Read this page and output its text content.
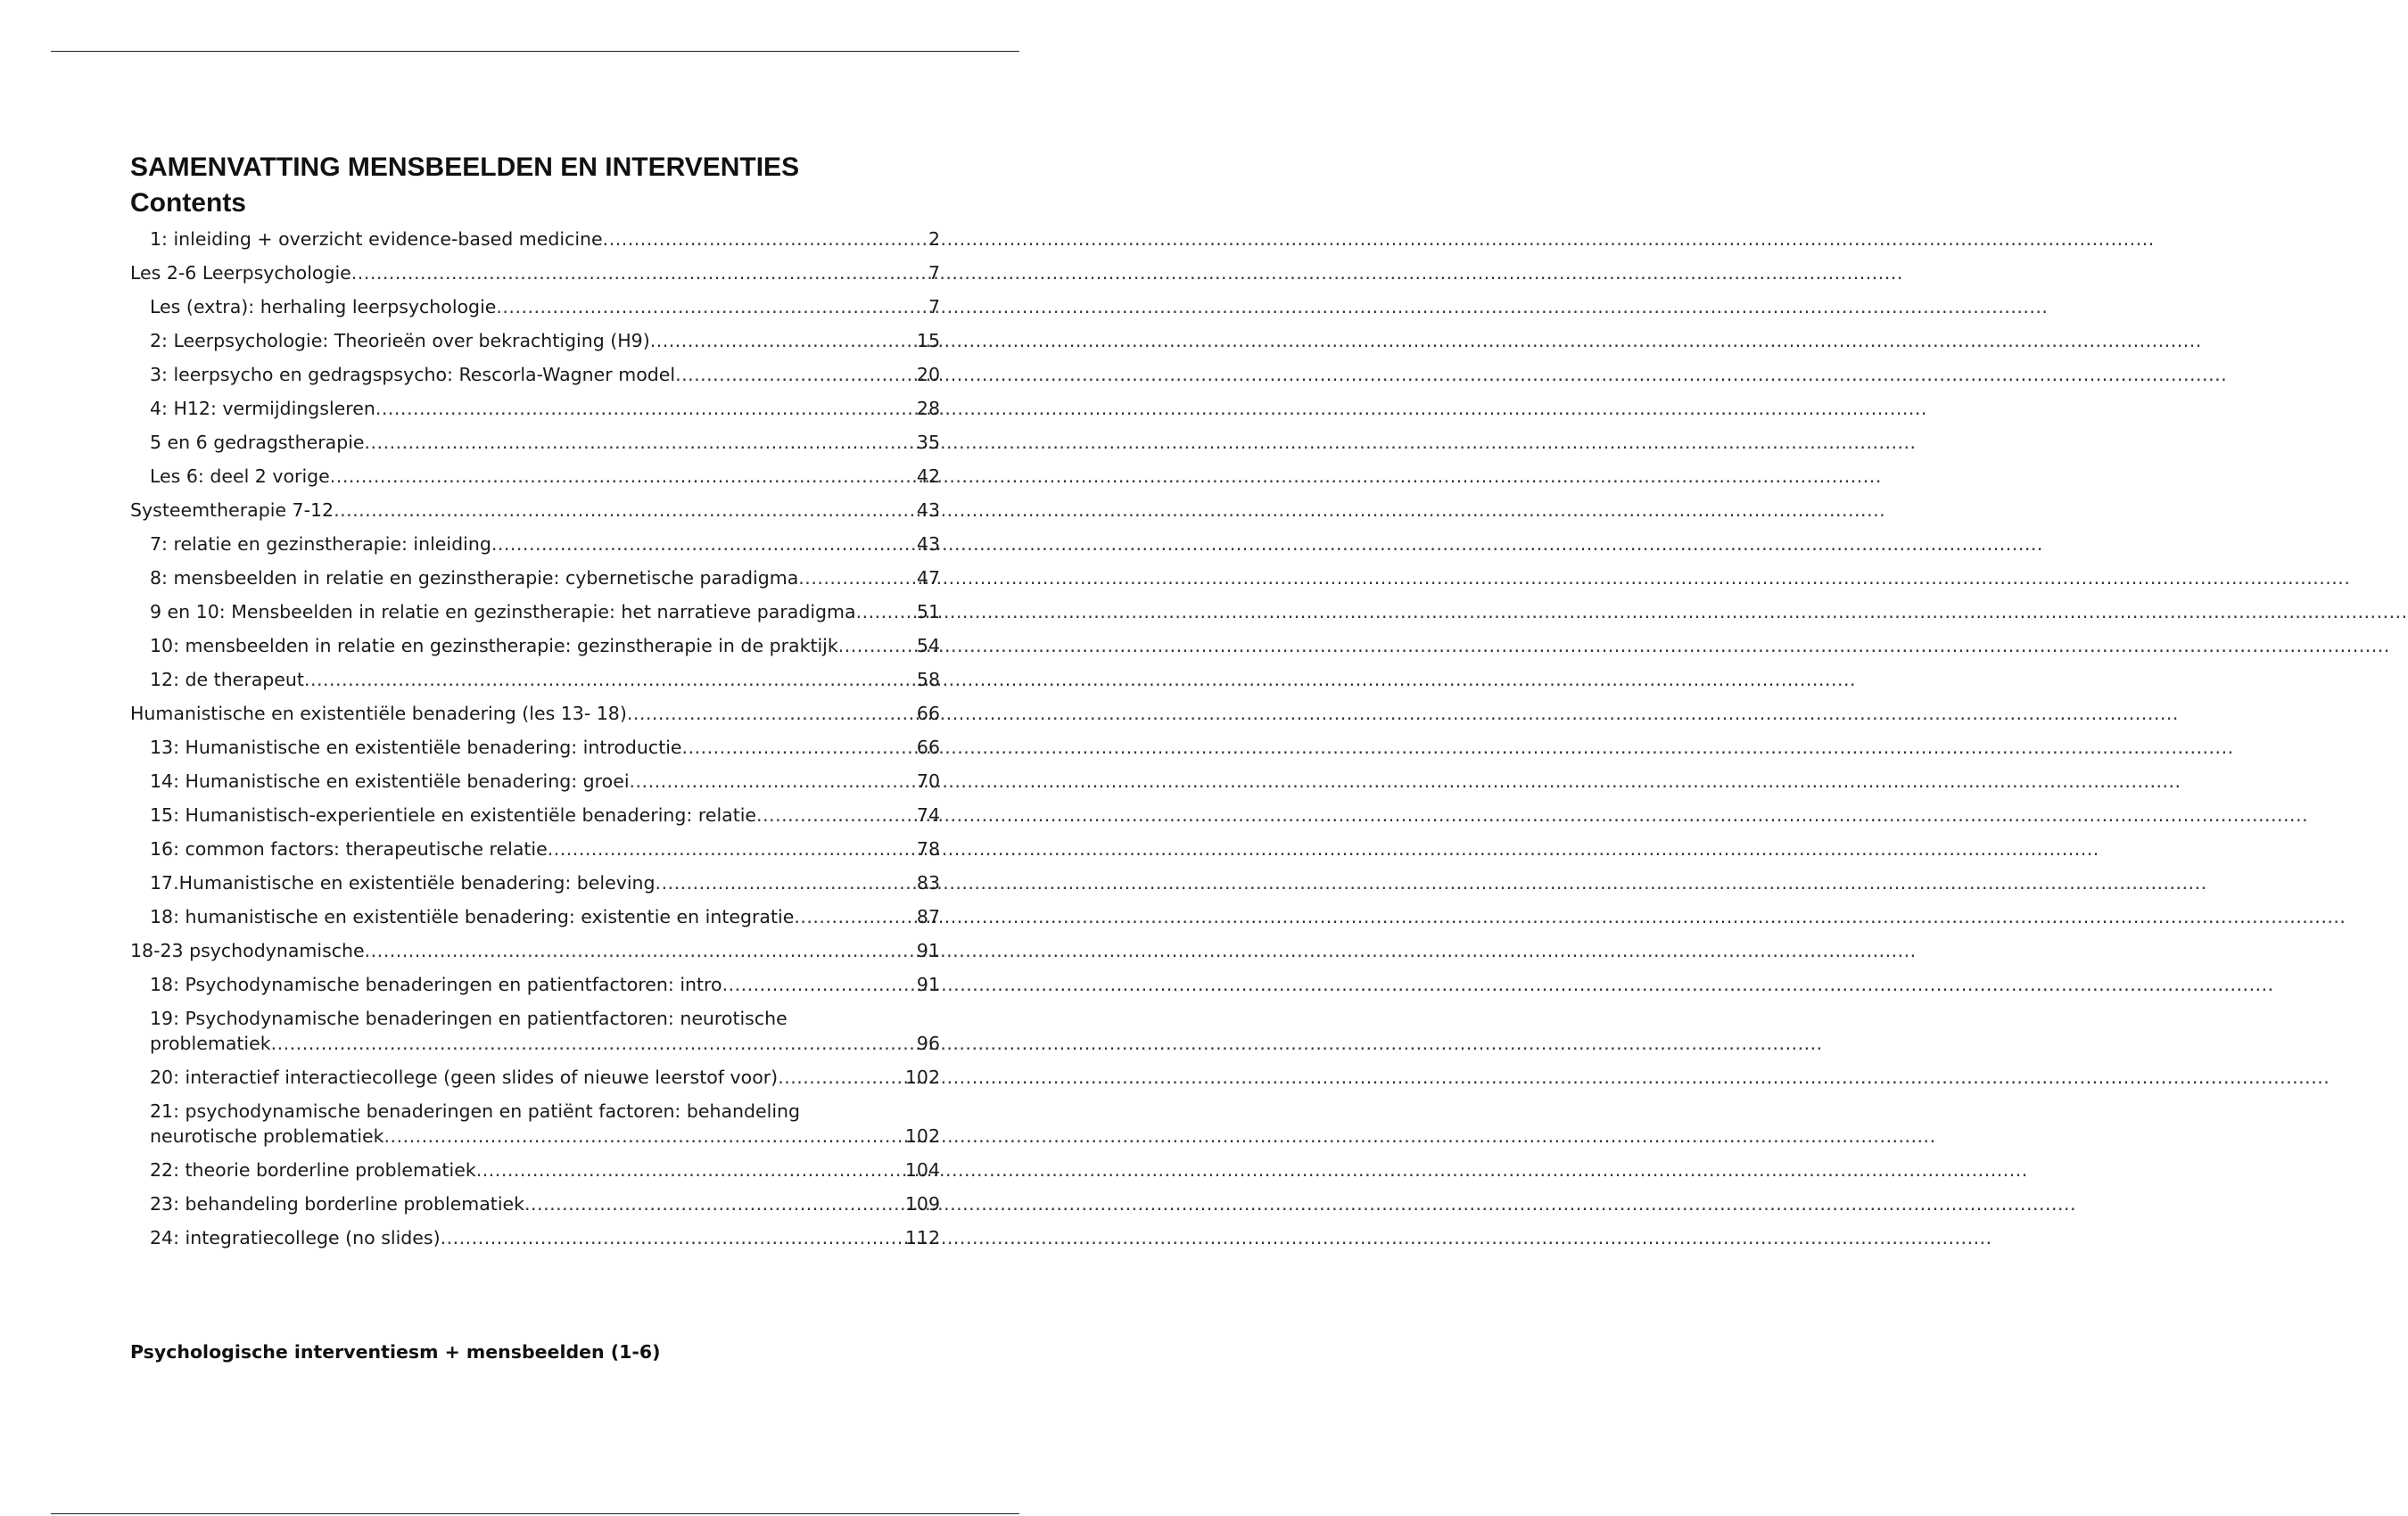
SAMENVATTING MENSBEELDEN EN INTERVENTIES
Contents
1: inleiding + overzicht evidence-based medicine .....	2
Les 2-6 Leerpsychologie .....	7
Les (extra): herhaling leerpsychologie .....	7
2: Leerpsychologie: Theorieën over bekrachtiging (H9) .....	15
3: leerpsycho en gedragspsycho: Rescorla-Wagner model .....	20
4: H12: vermijdingsleren .....	28
5 en 6 gedragstherapie .....	35
Les 6: deel 2 vorige .....	42
Systeemtherapie 7-12 .....	43
7: relatie en gezinstherapie: inleiding .....	43
8: mensbeelden in relatie en gezinstherapie: cybernetische paradigma .....	47
9 en 10: Mensbeelden in relatie en gezinstherapie: het narratieve paradigma .....	51
10: mensbeelden in relatie en gezinstherapie: gezinstherapie in de praktijk .....	54
12: de therapeut .....	58
Humanistische en existentiële benadering (les 13- 18) .....	66
13: Humanistische en existentiële benadering: introductie .....	66
14: Humanistische en existentiële benadering: groei .....	70
15: Humanistisch-experientiele en existentiële benadering: relatie .....	74
16: common factors: therapeutische relatie .....	78
17.Humanistische en existentiële benadering: beleving .....	83
18: humanistische en existentiële benadering: existentie en integratie .....	87
18-23 psychodynamische .....	91
18: Psychodynamische benaderingen en patientfactoren: intro .....	91
19: Psychodynamische benaderingen en patientfactoren: neurotische
problematiek .....	96
20: interactief interactiecollege (geen slides of nieuwe leerstof voor) .....	102
21: psychodynamische benaderingen en patiënt factoren: behandeling
neurotische problematiek .....	102
22: theorie borderline problematiek .....	104
23: behandeling borderline problematiek .....	109
24: integratiecollege (no slides) .....	112
Psychologische interventiesm + mensbeelden (1-6)
